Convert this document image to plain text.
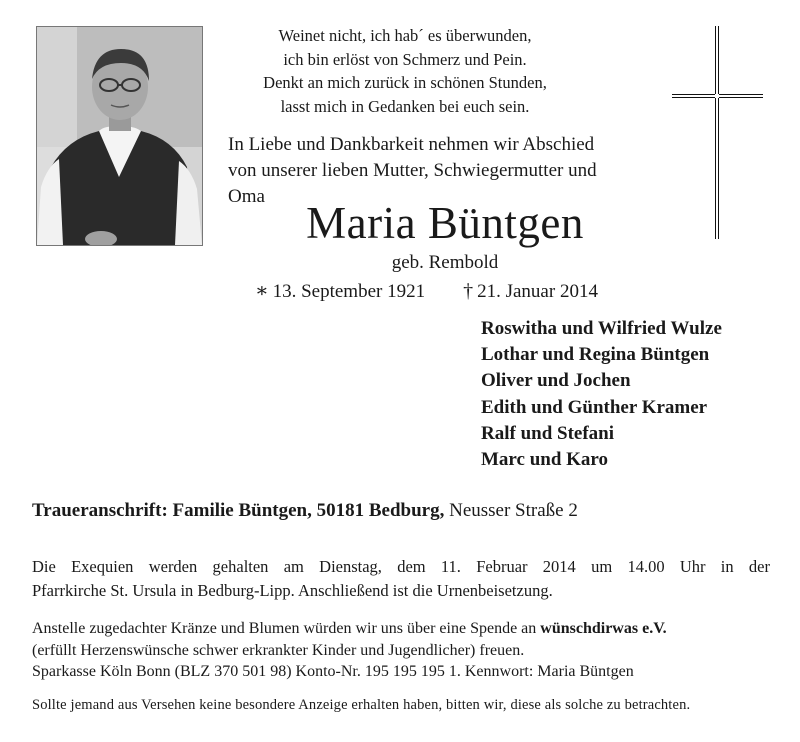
Weinet nicht, ich hab´ es überwunden,
ich bin erlöst von Schmerz und Pein.
Denkt an mich zurück in schönen Stunden,
lasst mich in Gedanken bei euch sein.
In Liebe und Dankbarkeit nehmen wir Abschied
von unserer lieben Mutter, Schwiegermutter und
Oma
Maria Büntgen
geb. Rembold
∗ 13. September 1921 † 21. Januar 2014
Roswitha und Wilfried Wulze
Lothar und Regina Büntgen
Oliver und Jochen
Edith und Günther Kramer
Ralf und Stefani
Marc und Karo
Traueranschrift: Familie Büntgen, 50181 Bedburg, Neusser Straße 2
Die Exequien werden gehalten am Dienstag, dem 11. Februar 2014 um 14.00 Uhr in der
Pfarrkirche St. Ursula in Bedburg-Lipp. Anschließend ist die Urnenbeisetzung.
Anstelle zugedachter Kränze und Blumen würden wir uns über eine Spende an wünschdirwas e.V.
(erfüllt Herzenswünsche schwer erkrankter Kinder und Jugendlicher) freuen.
Sparkasse Köln Bonn (BLZ 370 501 98) Konto-Nr. 195 195 195 1. Kennwort: Maria Büntgen
Sollte jemand aus Versehen keine besondere Anzeige erhalten haben, bitten wir, diese als solche zu betrachten.
